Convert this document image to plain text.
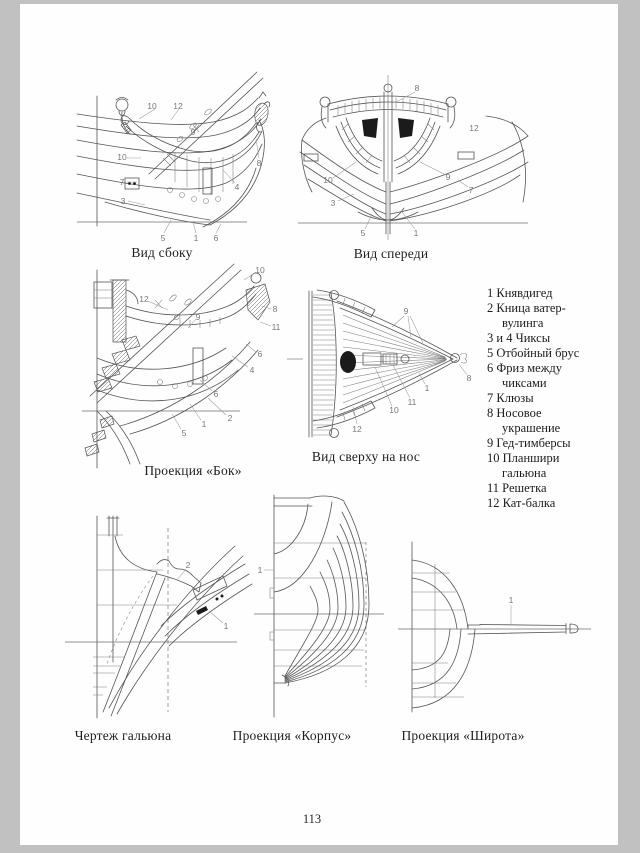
10 12
9
10
7
3
8
4
5	1 6
Вид сбоку
8
12
10	9
7
3
5	1
Вид спереди
10
12
9
8
11
6
4
6
2
1
5
Проекция «Бок»
9
8
1
11
10
12
Вид сверху на нос
1 Княвдигед
2 Кница ватер-вулинга
3 и 4 Чиксы
5 Отбойный брус
6 Фриз между чиксами
7 Клюзы
8 Носовое украшение
9 Гед-тимберсы
10 Планшири гальюна
11 Решетка
12 Кат-балка
2
1
Чертеж гальюна
1
Проекция «Корпус»
1
Проекция «Широта»
113
